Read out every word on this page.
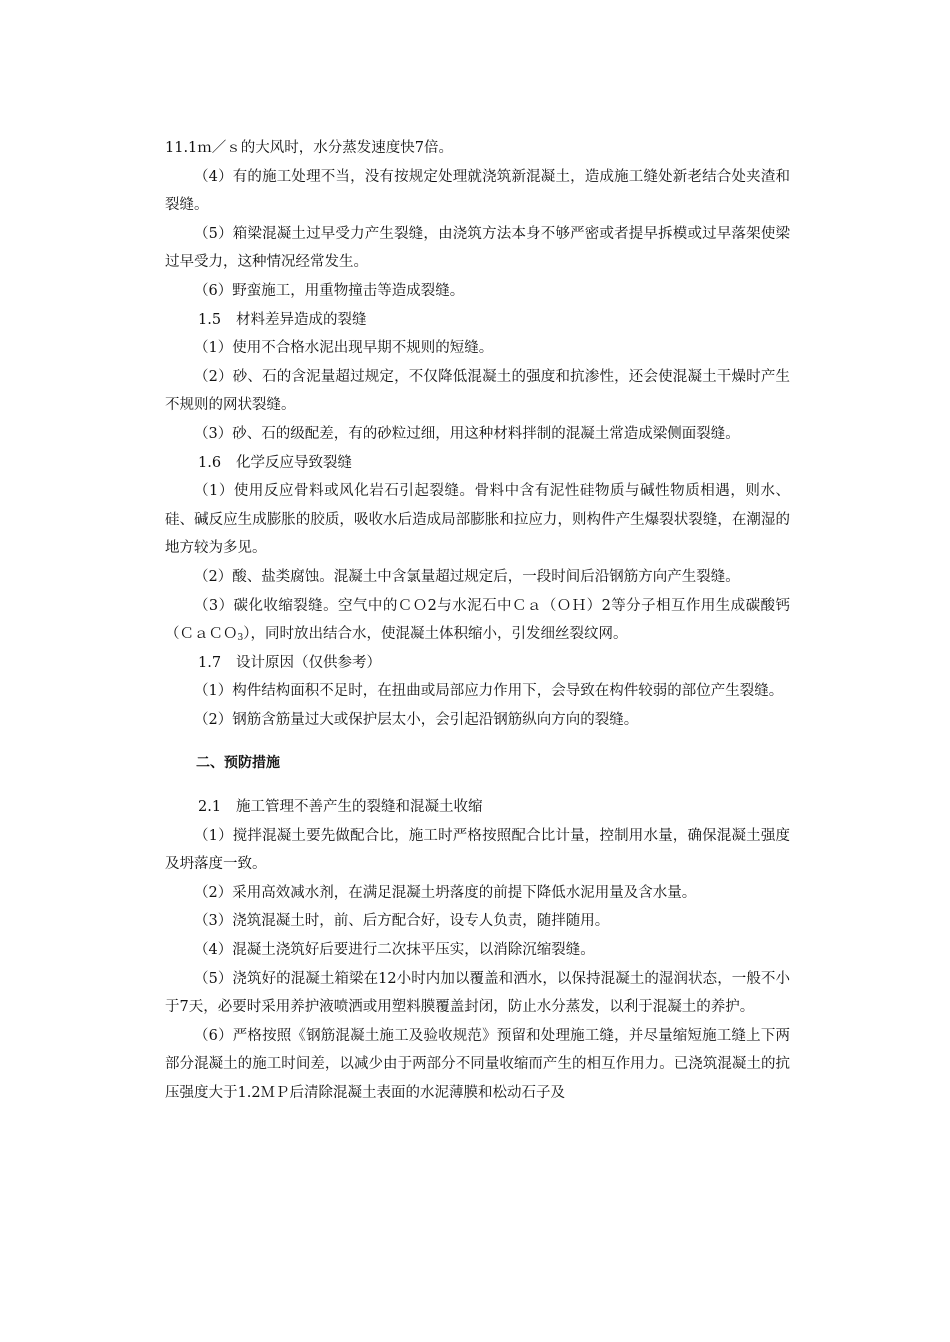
11.1ｍ／ｓ的大风时，水分蒸发速度快7倍。

（4）有的施工处理不当，没有按规定处理就浇筑新混凝土，造成施工缝处新老结合处夹渣和裂缝。

（5）箱梁混凝土过早受力产生裂缝，由浇筑方法本身不够严密或者提早拆模或过早落架使梁过早受力，这种情况经常发生。

（6）野蛮施工，用重物撞击等造成裂缝。

1.5 材料差异造成的裂缝

（1）使用不合格水泥出现早期不规则的短缝。

（2）砂、石的含泥量超过规定，不仅降低混凝土的强度和抗渗性，还会使混凝土干燥时产生不规则的网状裂缝。

（3）砂、石的级配差，有的砂粒过细，用这种材料拌制的混凝土常造成梁侧面裂缝。

1.6 化学反应导致裂缝

（1）使用反应骨料或风化岩石引起裂缝。骨料中含有泥性硅物质与碱性物质相遇，则水、硅、碱反应生成膨胀的胶质，吸收水后造成局部膨胀和拉应力，则构件产生爆裂状裂缝，在潮湿的地方较为多见。

（2）酸、盐类腐蚀。混凝土中含氯量超过规定后，一段时间后沿钢筋方向产生裂缝。

（3）碳化收缩裂缝。空气中的ＣＯ2与水泥石中Ｃａ（ＯＨ）2等分子相互作用生成碳酸钙（ＣａＣＯ$_3$），同时放出结合水，使混凝土体积缩小，引发细丝裂纹网。

1.7 设计原因（仅供参考）

（1）构件结构面积不足时，在扭曲或局部应力作用下，会导致在构件较弱的部位产生裂缝。

（2）钢筋含筋量过大或保护层太小，会引起沿钢筋纵向方向的裂缝。

二、预防措施

2.1 施工管理不善产生的裂缝和混凝土收缩

（1）搅拌混凝土要先做配合比，施工时严格按照配合比计量，控制用水量，确保混凝土强度及坍落度一致。

（2）采用高效减水剂，在满足混凝土坍落度的前提下降低水泥用量及含水量。

（3）浇筑混凝土时，前、后方配合好，设专人负责，随拌随用。

（4）混凝土浇筑好后要进行二次抹平压实，以消除沉缩裂缝。

（5）浇筑好的混凝土箱梁在12小时内加以覆盖和洒水，以保持混凝土的湿润状态，一般不小于7天，必要时采用养护液喷洒或用塑料膜覆盖封闭，防止水分蒸发，以利于混凝土的养护。

（6）严格按照《钢筋混凝土施工及验收规范》预留和处理施工缝，并尽量缩短施工缝上下两部分混凝土的施工时间差，以减少由于两部分不同量收缩而产生的相互作用力。已浇筑混凝土的抗压强度大于1.2ＭＰ后清除混凝土表面的水泥薄膜和松动石子及
